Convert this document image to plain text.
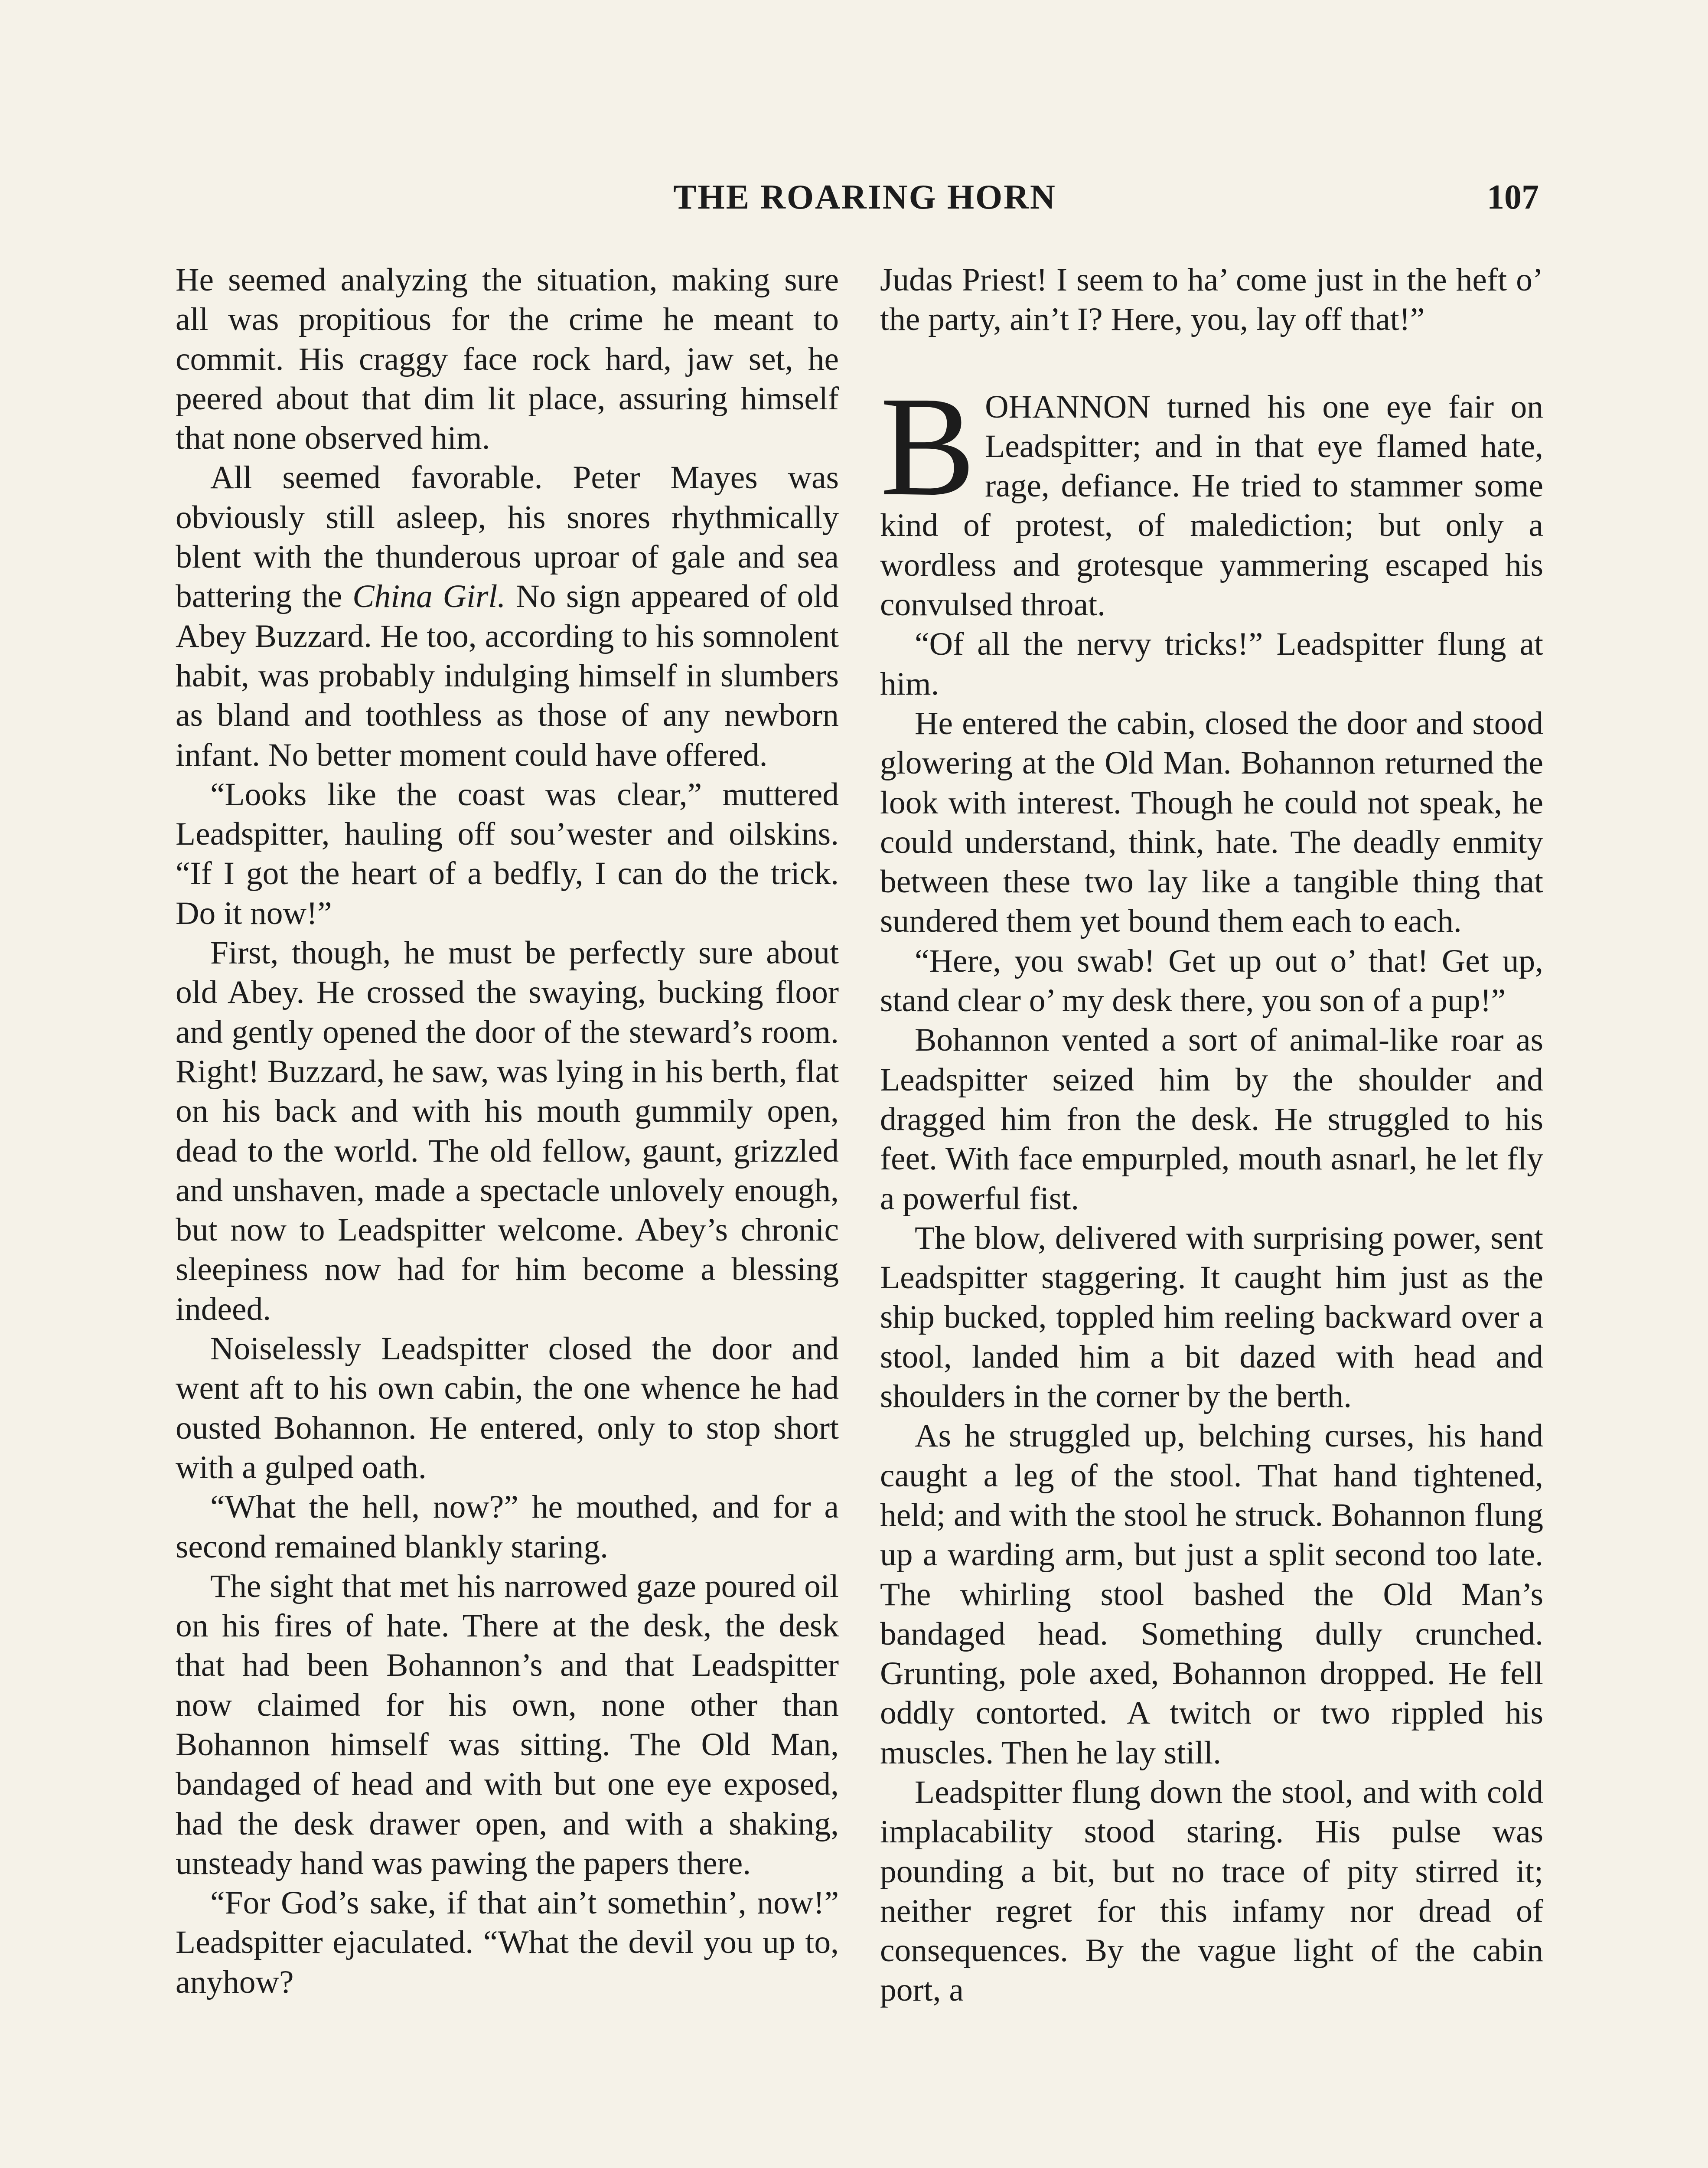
THE ROARING HORN	107

He seemed analyzing the situation, making sure all was propitious for the crime he meant to commit. His craggy face rock hard, jaw set, he peered about that dim lit place, assuring himself that none observed him.

All seemed favorable. Peter Mayes was obviously still asleep, his snores rhythmically blent with the thunderous uproar of gale and sea battering the China Girl. No sign appeared of old Abey Buzzard. He too, according to his somnolent habit, was probably indulging himself in slumbers as bland and toothless as those of any newborn infant. No better moment could have offered.

“Looks like the coast was clear,” muttered Leadspitter, hauling off sou’wester and oilskins. “If I got the heart of a bedfly, I can do the trick. Do it now!”

First, though, he must be perfectly sure about old Abey. He crossed the swaying, bucking floor and gently opened the door of the steward’s room. Right! Buzzard, he saw, was lying in his berth, flat on his back and with his mouth gummily open, dead to the world. The old fellow, gaunt, grizzled and unshaven, made a spectacle unlovely enough, but now to Leadspitter welcome. Abey’s chronic sleepiness now had for him become a blessing indeed.

Noiselessly Leadspitter closed the door and went aft to his own cabin, the one whence he had ousted Bohannon. He entered, only to stop short with a gulped oath.

“What the hell, now?” he mouthed, and for a second remained blankly staring.

The sight that met his narrowed gaze poured oil on his fires of hate. There at the desk, the desk that had been Bohannon’s and that Leadspitter now claimed for his own, none other than Bohannon himself was sitting. The Old Man, bandaged of head and with but one eye exposed, had the desk drawer open, and with a shaking, unsteady hand was pawing the papers there.

“For God’s sake, if that ain’t somethin’, now!” Leadspitter ejaculated. “What the devil you up to, anyhow?

Judas Priest! I seem to ha’ come just in the heft o’ the party, ain’t I? Here, you, lay off that!”

BOHANNON turned his one eye fair on Leadspitter; and in that eye flamed hate, rage, defiance. He tried to stammer some kind of protest, of malediction; but only a wordless and grotesque yammering escaped his convulsed throat.

“Of all the nervy tricks!” Leadspitter flung at him.

He entered the cabin, closed the door and stood glowering at the Old Man. Bohannon returned the look with interest. Though he could not speak, he could understand, think, hate. The deadly enmity between these two lay like a tangible thing that sundered them yet bound them each to each.

“Here, you swab! Get up out o’ that! Get up, stand clear o’ my desk there, you son of a pup!”

Bohannon vented a sort of animal-like roar as Leadspitter seized him by the shoulder and dragged him fron the desk. He struggled to his feet. With face empurpled, mouth asnarl, he let fly a powerful fist.

The blow, delivered with surprising power, sent Leadspitter staggering. It caught him just as the ship bucked, toppled him reeling backward over a stool, landed him a bit dazed with head and shoulders in the corner by the berth.

As he struggled up, belching curses, his hand caught a leg of the stool. That hand tightened, held; and with the stool he struck. Bohannon flung up a warding arm, but just a split second too late. The whirling stool bashed the Old Man’s bandaged head. Something dully crunched. Grunting, pole axed, Bohannon dropped. He fell oddly contorted. A twitch or two rippled his muscles. Then he lay still.

Leadspitter flung down the stool, and with cold implacability stood staring. His pulse was pounding a bit, but no trace of pity stirred it; neither regret for this infamy nor dread of consequences. By the vague light of the cabin port, a
